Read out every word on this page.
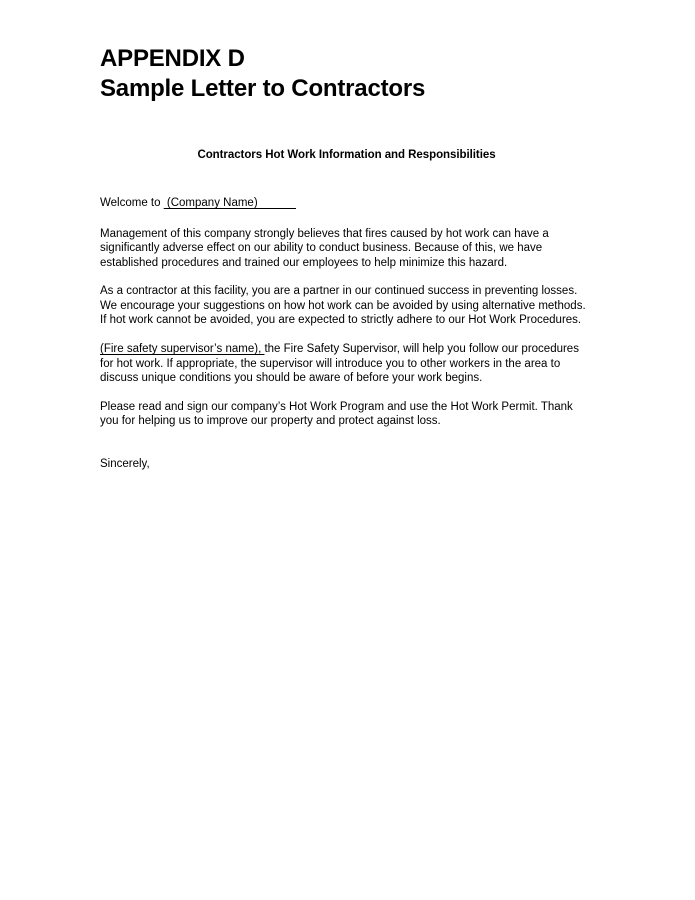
APPENDIX D
Sample Letter to Contractors
Contractors Hot Work Information and Responsibilities

Welcome to  (Company Name)

Management of this company strongly believes that fires caused by hot work can have a significantly adverse effect on our ability to conduct business. Because of this, we have established procedures and trained our employees to help minimize this hazard.

As a contractor at this facility, you are a partner in our continued success in preventing losses. We encourage your suggestions on how hot work can be avoided by using alternative methods. If hot work cannot be avoided, you are expected to strictly adhere to our Hot Work Procedures.

(Fire safety supervisor’s name), the Fire Safety Supervisor, will help you follow our procedures for hot work. If appropriate, the supervisor will introduce you to other workers in the area to discuss unique conditions you should be aware of before your work begins.

Please read and sign our company’s Hot Work Program and use the Hot Work Permit. Thank you for helping us to improve our property and protect against loss.

Sincerely,
